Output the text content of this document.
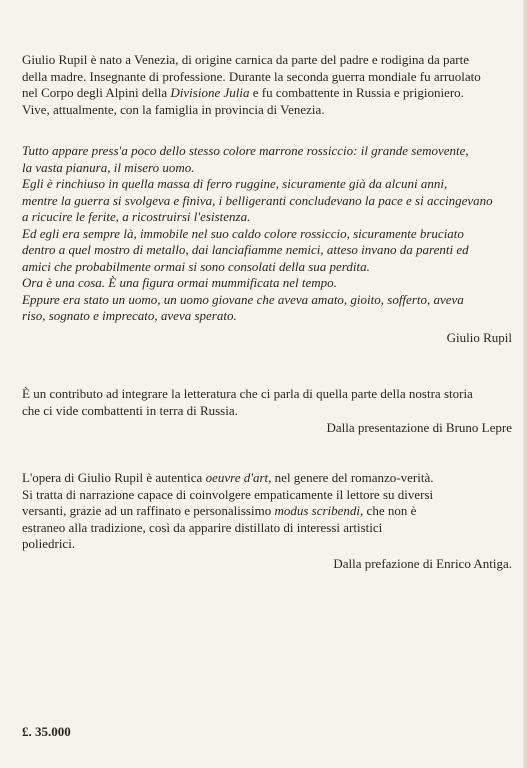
Giulio Rupil è nato a Venezia, di origine carnica da parte del padre e rodigina da parte

della madre. Insegnante di professione. Durante la seconda guerra mondiale fu arruolato

nel Corpo degli Alpini della Divisione Julia e fu combattente in Russia e prigioniero.

Vive, attualmente, con la famiglia in provincia di Venezia.

Tutto appare press'a poco dello stesso colore marrone rossiccio: il grande semovente,

la vasta pianura, il misero uomo.

Egli è rinchiuso in quella massa di ferro ruggine, sicuramente già da alcuni anni,

mentre la guerra si svolgeva e finiva, i belligeranti concludevano la pace e si accingevano

a ricucire le ferite, a ricostruirsi l'esistenza.

Ed egli era sempre là, immobile nel suo caldo colore rossiccio, sicuramente bruciato

dentro a quel mostro di metallo, dai lanciafiamme nemici, atteso invano da parenti ed

amici che probabilmente ormai si sono consolati della sua perdita.

Ora è una cosa. È una figura ormai mummificata nel tempo.

Eppure era stato un uomo, un uomo giovane che aveva amato, gioito, sofferto, aveva

riso, sognato e imprecato, aveva sperato.

Giulio Rupil

È un contributo ad integrare la letteratura che ci parla di quella parte della nostra storia

che ci vide combattenti in terra di Russia.

Dalla presentazione di Bruno Lepre

L'opera di Giulio Rupil è autentica oeuvre d'art, nel genere del romanzo-verità.

Si tratta di narrazione capace di coinvolgere empaticamente il lettore su diversi

versanti, grazie ad un raffinato e personalissimo modus scribendi, che non è

estraneo alla tradizione, così da apparire distillato di interessi artistici

poliedrici.

Dalla prefazione di Enrico Antiga.
£. 35.000
